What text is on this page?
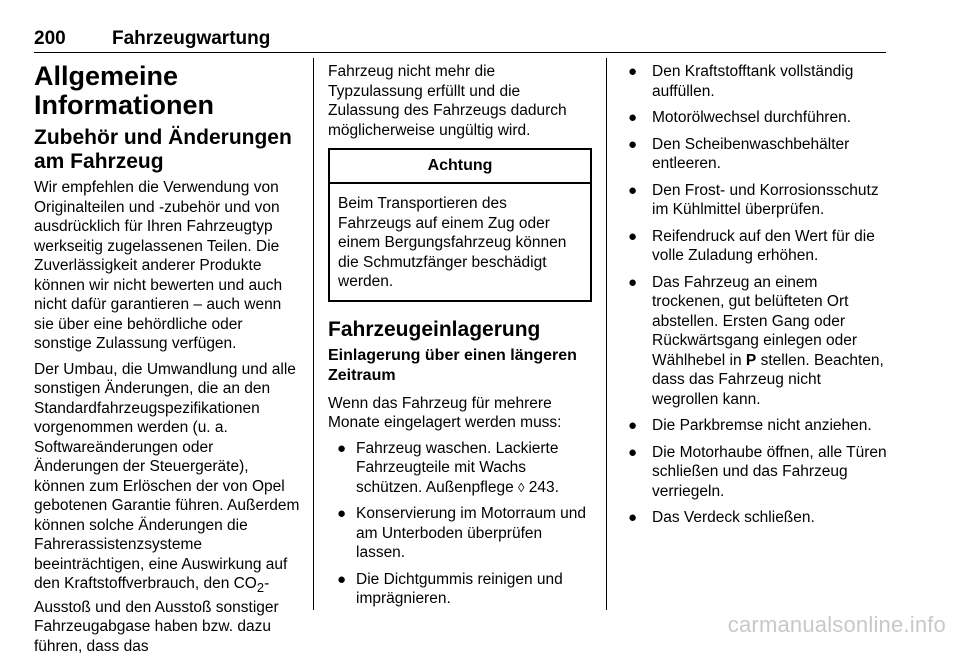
200 Fahrzeugwartung
Allgemeine Informationen
Zubehör und Änderungen am Fahrzeug

Wir empfehlen die Verwendung von Originalteilen und -zubehör und von ausdrücklich für Ihren Fahrzeugtyp werkseitig zugelassenen Teilen. Die Zuverlässigkeit anderer Produkte können wir nicht bewerten und auch nicht dafür garantieren – auch wenn sie über eine behördliche oder sonstige Zulassung verfügen.

Der Umbau, die Umwandlung und alle sonstigen Änderungen, die an den Standardfahrzeugspezifikationen vorgenommen werden (u. a. Softwareänderungen oder Änderungen der Steuergeräte), können zum Erlöschen der von Opel gebotenen Garantie führen. Außerdem können solche Änderungen die Fahrerassistenzsysteme beeinträchtigen, eine Auswirkung auf den Kraftstoffverbrauch, den $CO_2$-Ausstoß und den Ausstoß sonstiger Fahrzeugabgase haben bzw. dazu führen, dass das

Fahrzeug nicht mehr die Typzulassung erfüllt und die Zulassung des Fahrzeugs dadurch möglicherweise ungültig wird.

Achtung
Beim Transportieren des Fahrzeugs auf einem Zug oder einem Bergungsfahrzeug können die Schmutzfänger beschädigt werden.
Fahrzeugeinlagerung
Einlagerung über einen längeren Zeitraum

Wenn das Fahrzeug für mehrere Monate eingelagert werden muss:

● Fahrzeug waschen. Lackierte Fahrzeugteile mit Wachs schützen. Außenpflege ◊ 243.
● Konservierung im Motorraum und am Unterboden überprüfen lassen.
● Die Dichtgummis reinigen und imprägnieren.
● Den Kraftstofftank vollständig auffüllen.
● Motorölwechsel durchführen.
● Den Scheibenwaschbehälter entleeren.
● Den Frost- und Korrosionsschutz im Kühlmittel überprüfen.
● Reifendruck auf den Wert für die volle Zuladung erhöhen.
● Das Fahrzeug an einem trockenen, gut belüfteten Ort abstellen. Ersten Gang oder Rückwärtsgang einlegen oder Wählhebel in P stellen. Beachten, dass das Fahrzeug nicht wegrollen kann.
● Die Parkbremse nicht anziehen.
● Die Motorhaube öffnen, alle Türen schließen und das Fahrzeug verriegeln.
● Das Verdeck schließen.
carmanualsonline.info
